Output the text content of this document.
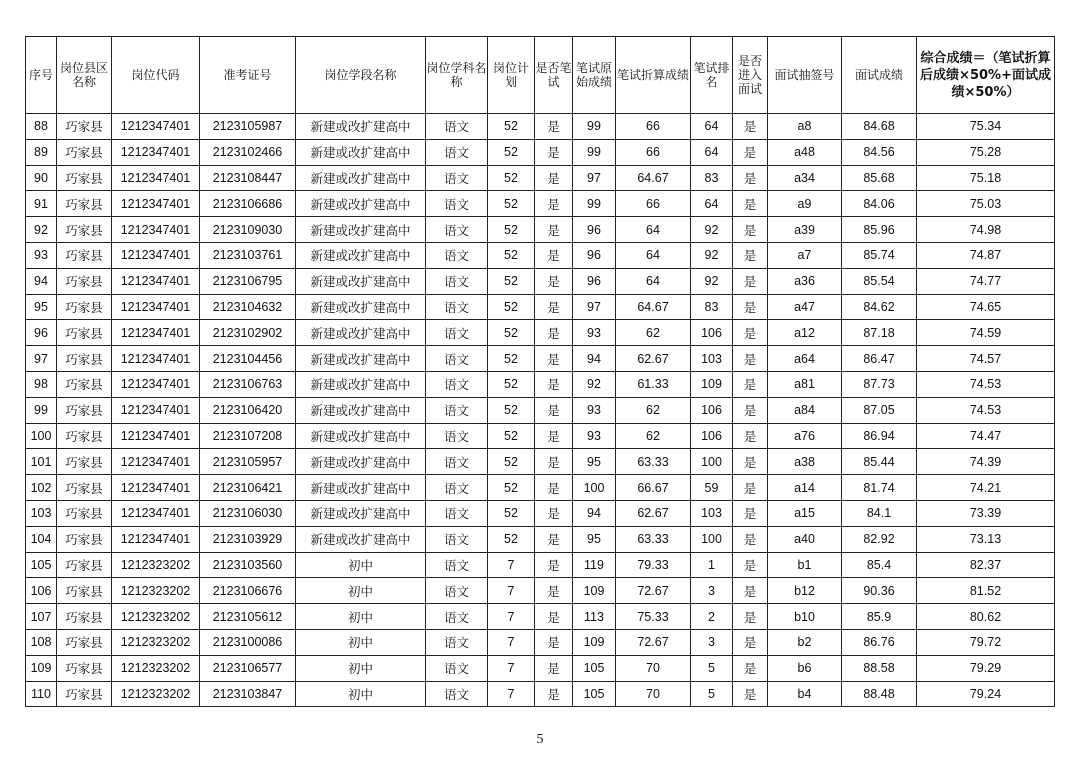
序号	岗位县区名称	岗位代码	准考证号	岗位学段名称	岗位学科名称	岗位计划	是否笔试	笔试原始成绩	笔试折算成绩	笔试排名	是否进入面试	面试抽签号	面试成绩	综合成绩＝（笔试折算后成绩×50%+面试成绩×50%）
88	巧家县	1212347401	2123105987	新建或改扩建高中	语文	52	是	99	66	64	是	a8	84.68	75.34
89	巧家县	1212347401	2123102466	新建或改扩建高中	语文	52	是	99	66	64	是	a48	84.56	75.28
90	巧家县	1212347401	2123108447	新建或改扩建高中	语文	52	是	97	64.67	83	是	a34	85.68	75.18
91	巧家县	1212347401	2123106686	新建或改扩建高中	语文	52	是	99	66	64	是	a9	84.06	75.03
92	巧家县	1212347401	2123109030	新建或改扩建高中	语文	52	是	96	64	92	是	a39	85.96	74.98
93	巧家县	1212347401	2123103761	新建或改扩建高中	语文	52	是	96	64	92	是	a7	85.74	74.87
94	巧家县	1212347401	2123106795	新建或改扩建高中	语文	52	是	96	64	92	是	a36	85.54	74.77
95	巧家县	1212347401	2123104632	新建或改扩建高中	语文	52	是	97	64.67	83	是	a47	84.62	74.65
96	巧家县	1212347401	2123102902	新建或改扩建高中	语文	52	是	93	62	106	是	a12	87.18	74.59
97	巧家县	1212347401	2123104456	新建或改扩建高中	语文	52	是	94	62.67	103	是	a64	86.47	74.57
98	巧家县	1212347401	2123106763	新建或改扩建高中	语文	52	是	92	61.33	109	是	a81	87.73	74.53
99	巧家县	1212347401	2123106420	新建或改扩建高中	语文	52	是	93	62	106	是	a84	87.05	74.53
100	巧家县	1212347401	2123107208	新建或改扩建高中	语文	52	是	93	62	106	是	a76	86.94	74.47
101	巧家县	1212347401	2123105957	新建或改扩建高中	语文	52	是	95	63.33	100	是	a38	85.44	74.39
102	巧家县	1212347401	2123106421	新建或改扩建高中	语文	52	是	100	66.67	59	是	a14	81.74	74.21
103	巧家县	1212347401	2123106030	新建或改扩建高中	语文	52	是	94	62.67	103	是	a15	84.1	73.39
104	巧家县	1212347401	2123103929	新建或改扩建高中	语文	52	是	95	63.33	100	是	a40	82.92	73.13
105	巧家县	1212323202	2123103560	初中	语文	7	是	119	79.33	1	是	b1	85.4	82.37
106	巧家县	1212323202	2123106676	初中	语文	7	是	109	72.67	3	是	b12	90.36	81.52
107	巧家县	1212323202	2123105612	初中	语文	7	是	113	75.33	2	是	b10	85.9	80.62
108	巧家县	1212323202	2123100086	初中	语文	7	是	109	72.67	3	是	b2	86.76	79.72
109	巧家县	1212323202	2123106577	初中	语文	7	是	105	70	5	是	b6	88.58	79.29
110	巧家县	1212323202	2123103847	初中	语文	7	是	105	70	5	是	b4	88.48	79.24
5
